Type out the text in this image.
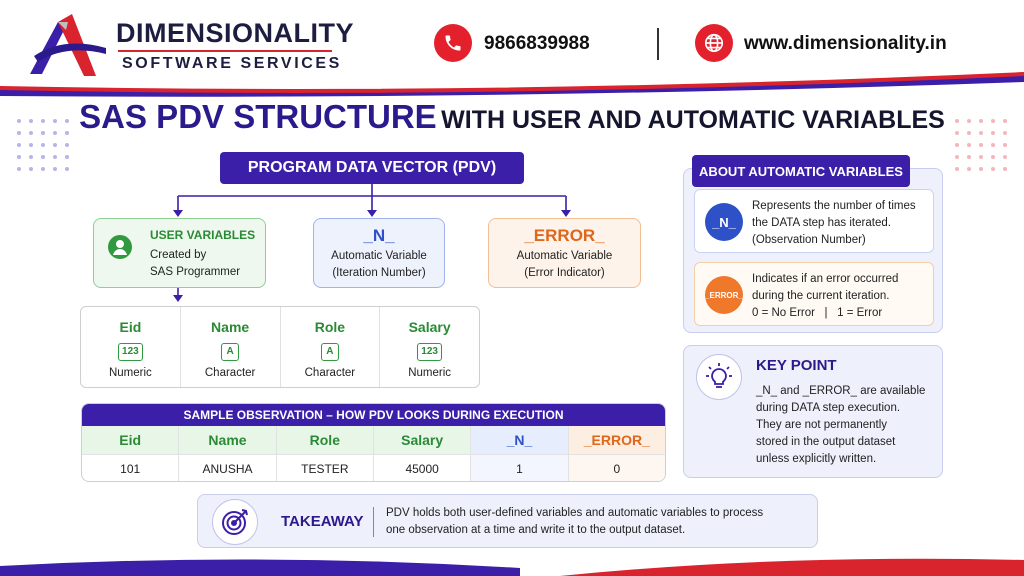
DIMENSIONALITY
SOFTWARE SERVICES
9866839988	www.dimensionality.in
SAS PDV STRUCTURE WITH USER AND AUTOMATIC VARIABLES
PROGRAM DATA VECTOR (PDV)
USER VARIABLES
Created by
SAS Programmer
_N_
Automatic Variable
(Iteration Number)
_ERROR_
Automatic Variable
(Error Indicator)
Eid
123
Numeric
Name
A
Character
Role
A
Character
Salary
123
Numeric
SAMPLE OBSERVATION – HOW PDV LOOKS DURING EXECUTION
Eid	Name	Role	Salary	_N_	_ERROR_
101	ANUSHA	TESTER	45000	1	0
ABOUT AUTOMATIC VARIABLES
_N_
Represents the number of times
the DATA step has iterated.
(Observation Number)
_ERROR_
Indicates if an error occurred
during the current iteration.
0 = No Error   |   1 = Error
KEY POINT
_N_ and _ERROR_ are available
during DATA step execution.
They are not permanently
stored in the output dataset
unless explicitly written.
TAKEAWAY PDV holds both user-defined variables and automatic variables to process
one observation at a time and write it to the output dataset.
